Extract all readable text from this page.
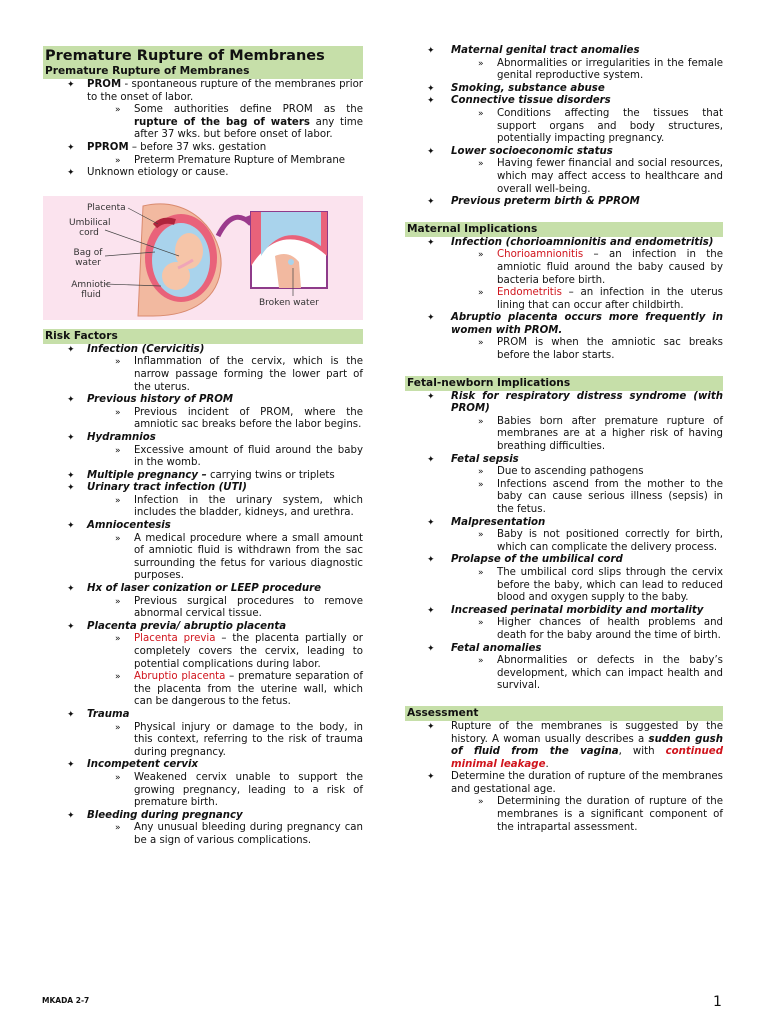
Premature Rupture of Membranes
Premature Rupture of Membranes
✦ PROM - spontaneous rupture of the membranes prior to the onset of labor.
» Some authorities define PROM as the rupture of the bag of waters any time after 37 wks. but before onset of labor.
✦ PPROM – before 37 wks. gestation
» Preterm Premature Rupture of Membrane
✦ Unknown etiology or cause.
Placenta
Umbilical cord
Bag of water
Amniotic fluid
Broken water
Risk Factors
✦ Infection (Cervicitis)
» Inflammation of the cervix, which is the narrow passage forming the lower part of the uterus.
✦ Previous history of PROM
» Previous incident of PROM, where the amniotic sac breaks before the labor begins.
✦ Hydramnios
» Excessive amount of fluid around the baby in the womb.
✦ Multiple pregnancy – carrying twins or triplets
✦ Urinary tract infection (UTI)
» Infection in the urinary system, which includes the bladder, kidneys, and urethra.
✦ Amniocentesis
» A medical procedure where a small amount of amniotic fluid is withdrawn from the sac surrounding the fetus for various diagnostic purposes.
✦ Hx of laser conization or LEEP procedure
» Previous surgical procedures to remove abnormal cervical tissue.
✦ Placenta previa/ abruptio placenta
» Placenta previa – the placenta partially or completely covers the cervix, leading to potential complications during labor.
» Abruptio placenta – premature separation of the placenta from the uterine wall, which can be dangerous to the fetus.
✦ Trauma
» Physical injury or damage to the body, in this context, referring to the risk of trauma during pregnancy.
✦ Incompetent cervix
» Weakened cervix unable to support the growing pregnancy, leading to a risk of premature birth.
✦ Bleeding during pregnancy
» Any unusual bleeding during pregnancy can be a sign of various complications.
✦ Maternal genital tract anomalies
» Abnormalities or irregularities in the female genital reproductive system.
✦ Smoking, substance abuse
✦ Connective tissue disorders
» Conditions affecting the tissues that support organs and body structures, potentially impacting pregnancy.
✦ Lower socioeconomic status
» Having fewer financial and social resources, which may affect access to healthcare and overall well-being.
✦ Previous preterm birth & PPROM
Maternal Implications
✦ Infection (chorioamnionitis and endometritis)
» Chorioamnionitis – an infection in the amniotic fluid around the baby caused by bacteria before birth.
» Endometritis – an infection in the uterus lining that can occur after childbirth.
✦ Abruptio placenta occurs more frequently in women with PROM.
» PROM is when the amniotic sac breaks before the labor starts.
Fetal-newborn Implications
✦ Risk for respiratory distress syndrome (with PROM)
» Babies born after premature rupture of membranes are at a higher risk of having breathing difficulties.
✦ Fetal sepsis
» Due to ascending pathogens
» Infections ascend from the mother to the baby can cause serious illness (sepsis) in the fetus.
✦ Malpresentation
» Baby is not positioned correctly for birth, which can complicate the delivery process.
✦ Prolapse of the umbilical cord
» The umbilical cord slips through the cervix before the baby, which can lead to reduced blood and oxygen supply to the baby.
✦ Increased perinatal morbidity and mortality
» Higher chances of health problems and death for the baby around the time of birth.
✦ Fetal anomalies
» Abnormalities or defects in the baby’s development, which can impact health and survival.
Assessment
✦ Rupture of the membranes is suggested by the history. A woman usually describes a sudden gush of fluid from the vagina, with continued minimal leakage.
✦ Determine the duration of rupture of the membranes and gestational age.
» Determining the duration of rupture of the membranes is a significant component of the intrapartal assessment.
MKADA 2-7	1
